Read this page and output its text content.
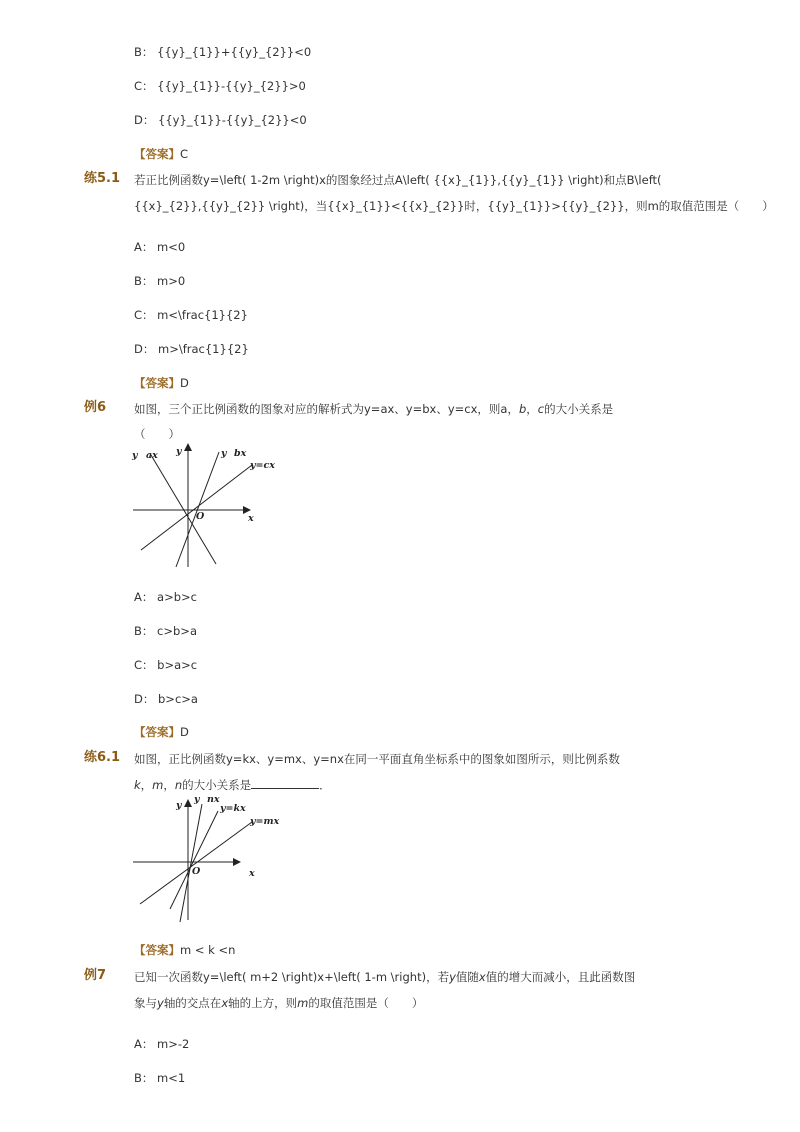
B： {{y}_{1}}+{{y}_{2}}<0
C： {{y}_{1}}-{{y}_{2}}>0
D： {{y}_{1}}-{{y}_{2}}<0
【答案】C
练5.1 若正比例函数y=\left( 1-2m \right)x的图象经过点A\left( {{x}_{1}},{{y}_{1}} \right)和点B\left(
{{x}_{2}},{{y}_{2}} \right)，当{{x}_{1}}<{{x}_{2}}时，{{y}_{1}}>{{y}_{2}}，则m的取值范围是（　　）
A： m<0
B： m>0
C： m<\frac{1}{2}
D： m>\frac{1}{2}
【答案】D
例6 如图，三个正比例函数的图象对应的解析式为y=ax、y=bx、y=cx，则a，b，c的大小关系是
（　　）
y ax y	y bx
y=cx
O	x
A： a>b>c
B： c>b>a
C： b>a>c
D： b>c>a
【答案】D
练6.1 如图，正比例函数y=kx、y=mx、y=nx在同一平面直角坐标系中的图象如图所示，则比例系数
k，m，n的大小关系是	．
y
y nx
y=kx
y=mx
O	x
【答案】m < k <n
例7 已知一次函数y=\left( m+2 \right)x+\left( 1-m \right)，若y值随x值的增大而减小，且此函数图
象与y轴的交点在x轴的上方，则m的取值范围是（　　）
A： m>-2
B： m<1
